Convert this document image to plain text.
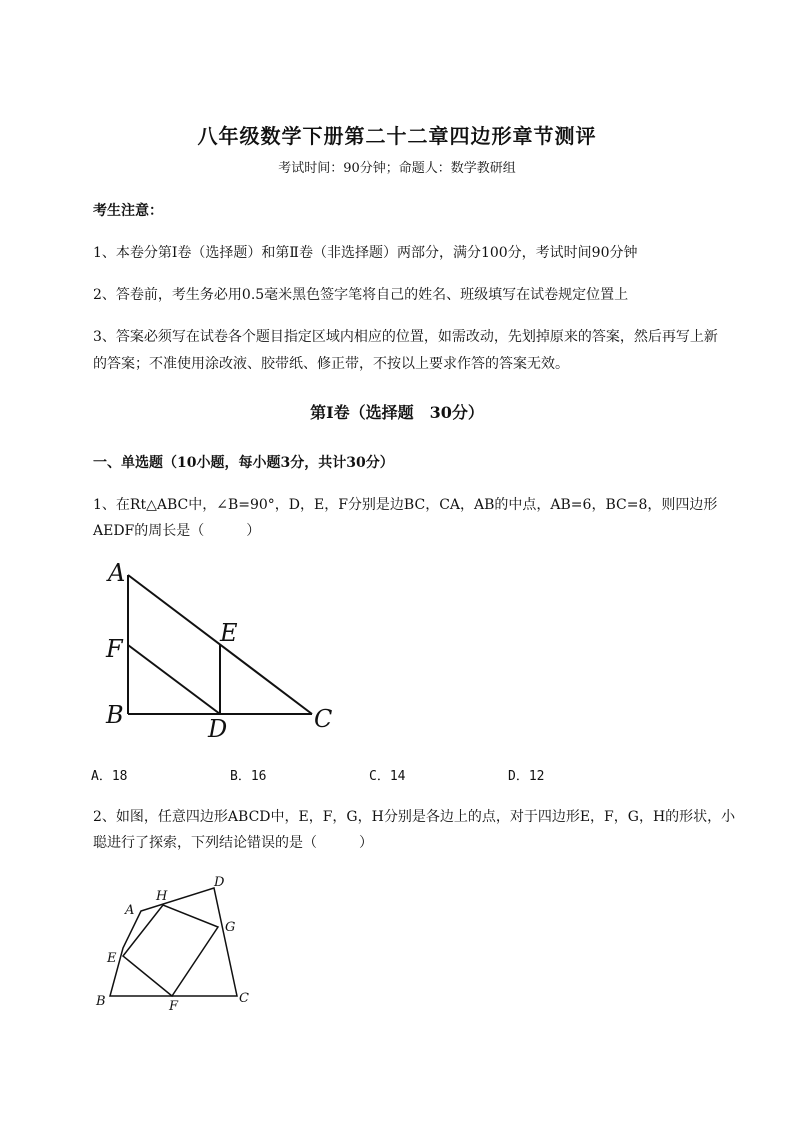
八年级数学下册第二十二章四边形章节测评
考试时间：90分钟；命题人：数学教研组
考生注意：
1、本卷分第Ⅰ卷（选择题）和第Ⅱ卷（非选择题）两部分，满分100分，考试时间90分钟
2、答卷前，考生务必用0.5毫米黑色签字笔将自己的姓名、班级填写在试卷规定位置上
3、答案必须写在试卷各个题目指定区域内相应的位置，如需改动，先划掉原来的答案，然后再写上新
的答案；不准使用涂改液、胶带纸、修正带，不按以上要求作答的答案无效。
第Ⅰ卷（选择题　30分）
一、单选题（10小题，每小题3分，共计30分）
1、在Rt△ABC中，∠B=90°，D，E，F分别是边BC，CA，AB的中点，AB=6，BC=8，则四边形
AEDF的周长是（　　　）
A
F
B
E
D	C
A．18	B．16	C．14	D．12
2、如图，任意四边形ABCD中，E，F，G，H分别是各边上的点，对于四边形E，F，G，H的形状，小
聪进行了探索，下列结论错误的是（　　　）
A
H
D
G
E
B	F
C
